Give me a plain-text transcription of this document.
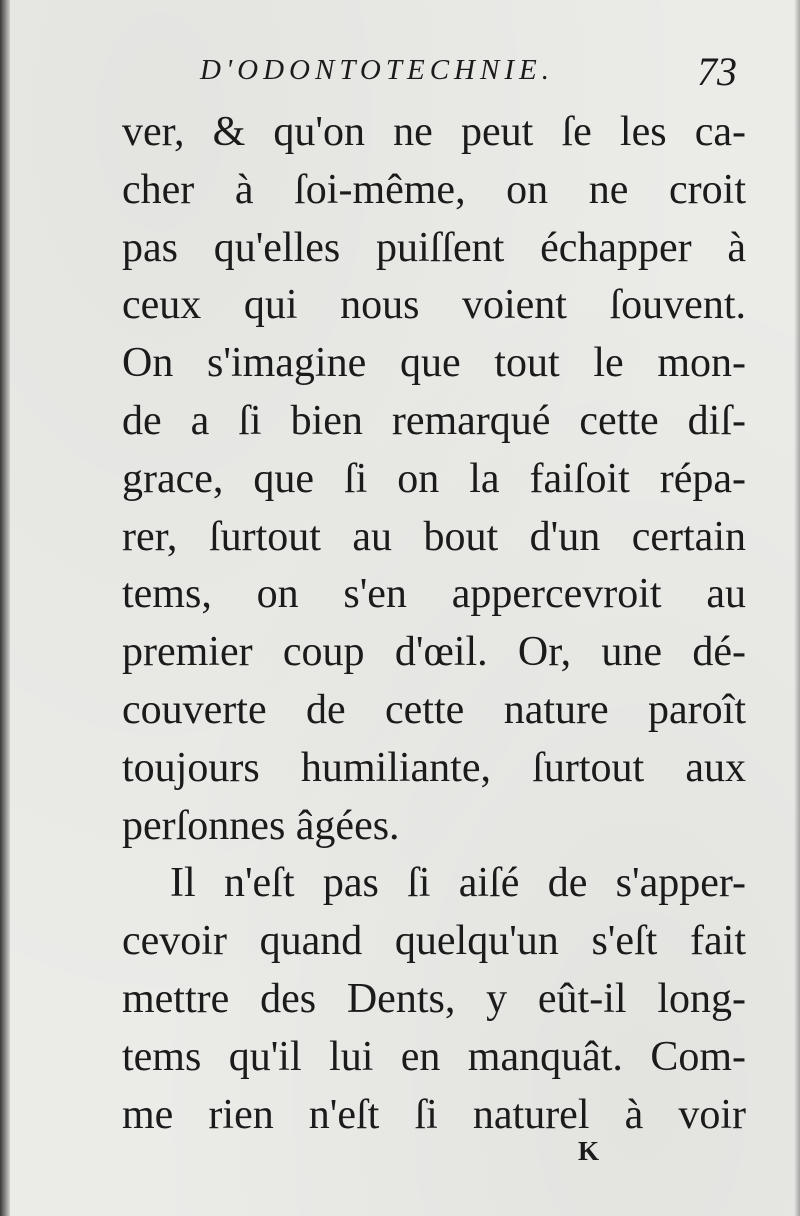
D'ODONTOTECHNIE.	73
ver, & qu'on ne peut ſe les ca-
cher à ſoi-même, on ne croit
pas qu'elles puiſſent échapper à
ceux qui nous voient ſouvent.
On s'imagine que tout le mon-
de a ſi bien remarqué cette diſ-
grace, que ſi on la faiſoit répa-
rer, ſurtout au bout d'un certain
tems, on s'en appercevroit au
premier coup d'œil. Or, une dé-
couverte de cette nature paroît
toujours humiliante, ſurtout aux
perſonnes âgées.
Il n'eſt pas ſi aiſé de s'apper-
cevoir quand quelqu'un s'eſt fait
mettre des Dents, y eût-il long-
tems qu'il lui en manquât. Com-
me rien n'eſt ſi naturel à voir
K
